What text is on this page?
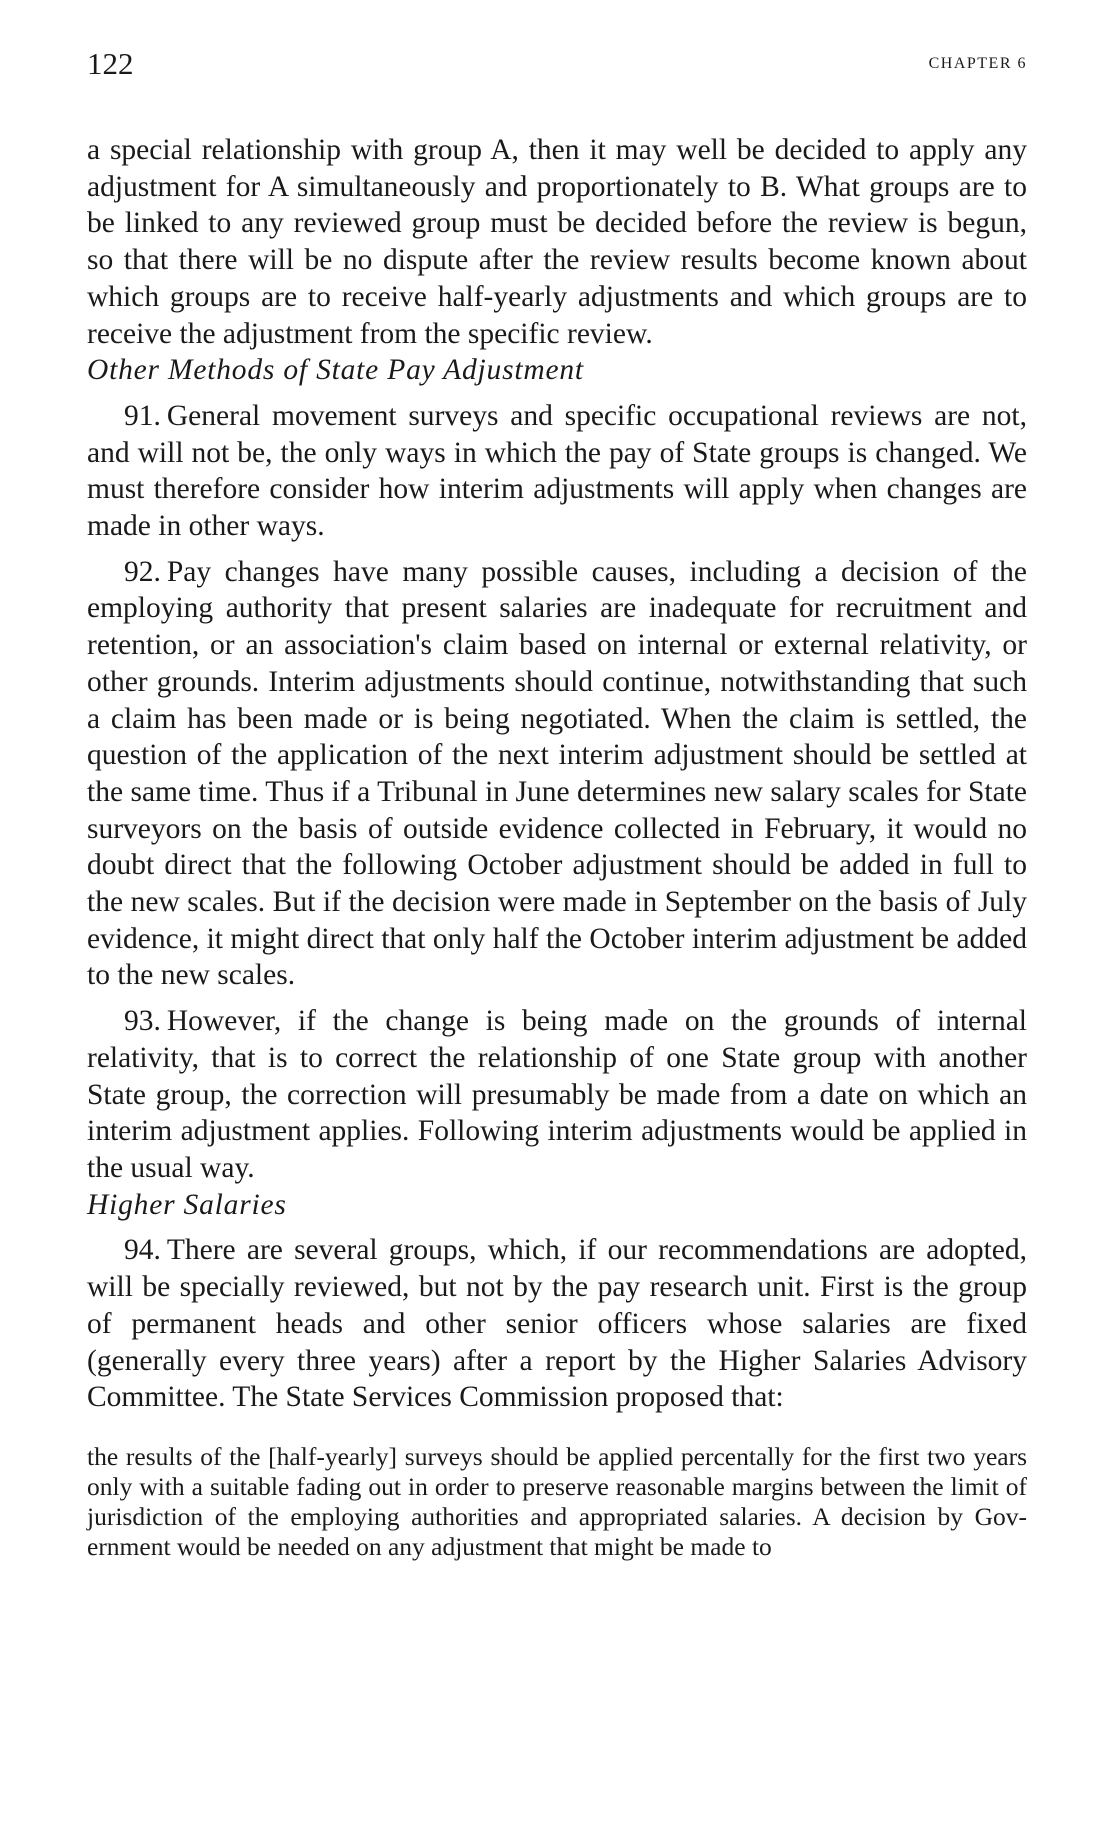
122	CHAPTER 6

a special relationship with group A, then it may well be decided to apply any adjustment for A simultaneously and proportionately to B. What groups are to be linked to any reviewed group must be decided before the review is begun, so that there will be no dispute after the review results become known about which groups are to receive half-yearly adjustments and which groups are to receive the adjustment from the specific review.

Other Methods of State Pay Adjustment

91. General movement surveys and specific occupational reviews are not, and will not be, the only ways in which the pay of State groups is changed. We must therefore consider how interim adjustments will apply when changes are made in other ways.

92. Pay changes have many possible causes, including a decision of the employing authority that present salaries are inadequate for recruitment and retention, or an association's claim based on internal or external relativity, or other grounds. Interim adjustments should continue, notwithstanding that such a claim has been made or is being negotiated. When the claim is settled, the question of the application of the next interim adjustment should be settled at the same time. Thus if a Tribunal in June determines new salary scales for State surveyors on the basis of outside evidence collected in February, it would no doubt direct that the following October adjustment should be added in full to the new scales. But if the decision were made in September on the basis of July evidence, it might direct that only half the October interim adjustment be added to the new scales.

93. However, if the change is being made on the grounds of internal relativity, that is to correct the relationship of one State group with another State group, the correction will presumably be made from a date on which an interim adjustment applies. Following interim adjustments would be applied in the usual way.

Higher Salaries

94. There are several groups, which, if our recommendations are adopted, will be specially reviewed, but not by the pay research unit. First is the group of permanent heads and other senior officers whose salaries are fixed (generally every three years) after a report by the Higher Salaries Advisory Committee. The State Services Commission proposed that:

the results of the [half-yearly] surveys should be applied percentally for the first two years only with a suitable fading out in order to preserve reasonable margins between the limit of jurisdiction of the employing authorities and appropriated salaries. A decision by Government would be needed on any adjustment that might be made to
